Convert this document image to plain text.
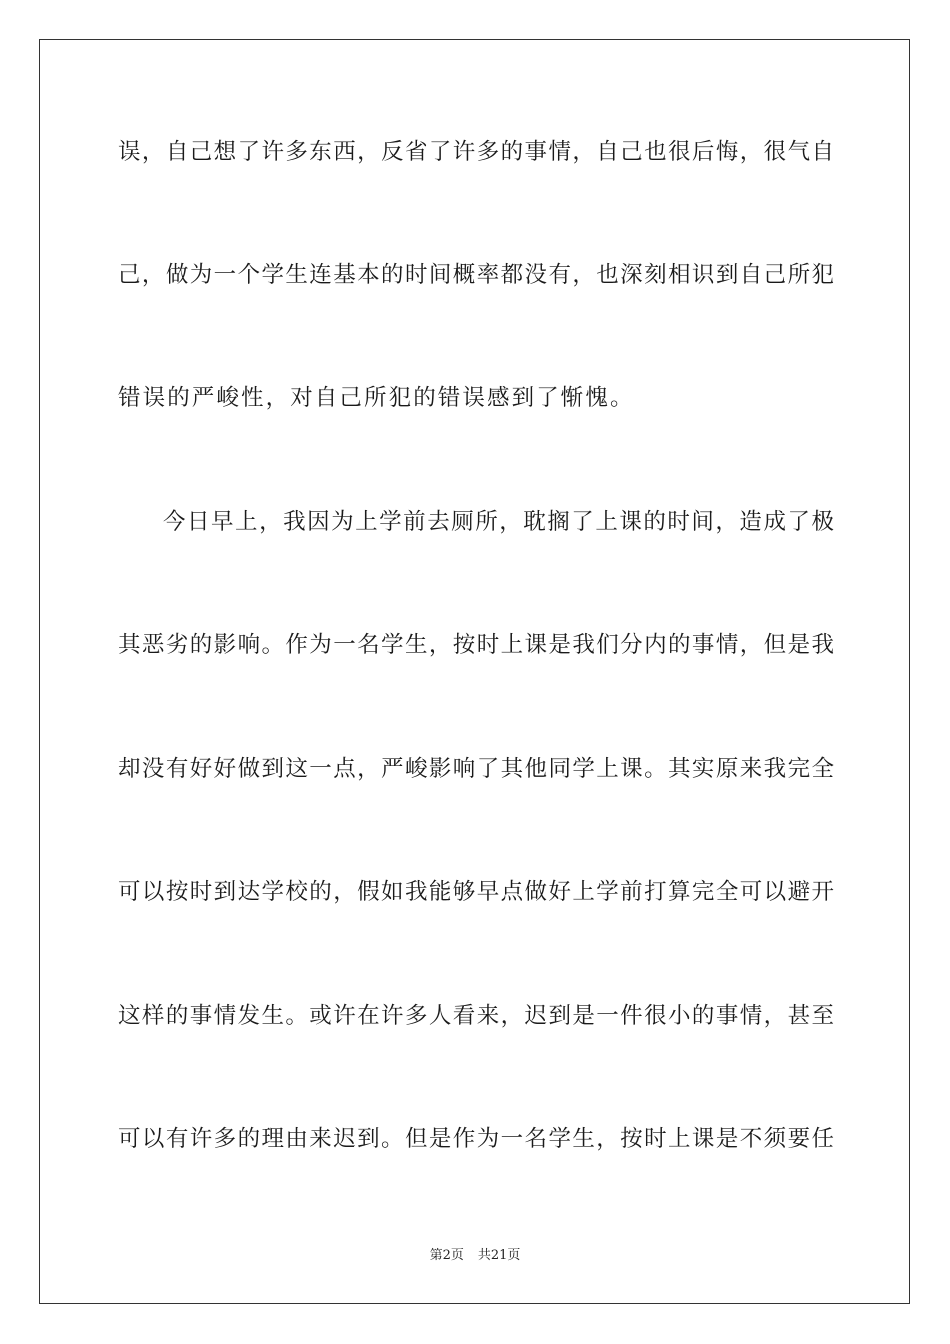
误，自己想了许多东西，反省了许多的事情，自己也很后悔，很气自
己，做为一个学生连基本的时间概率都没有，也深刻相识到自己所犯
错误的严峻性，对自己所犯的错误感到了惭愧。
今日早上，我因为上学前去厕所，耽搁了上课的时间，造成了极
其恶劣的影响。作为一名学生，按时上课是我们分内的事情，但是我
却没有好好做到这一点，严峻影响了其他同学上课。其实原来我完全
可以按时到达学校的，假如我能够早点做好上学前打算完全可以避开
这样的事情发生。或许在许多人看来，迟到是一件很小的事情，甚至
可以有许多的理由来迟到。但是作为一名学生，按时上课是不须要任
第2页 共21页
